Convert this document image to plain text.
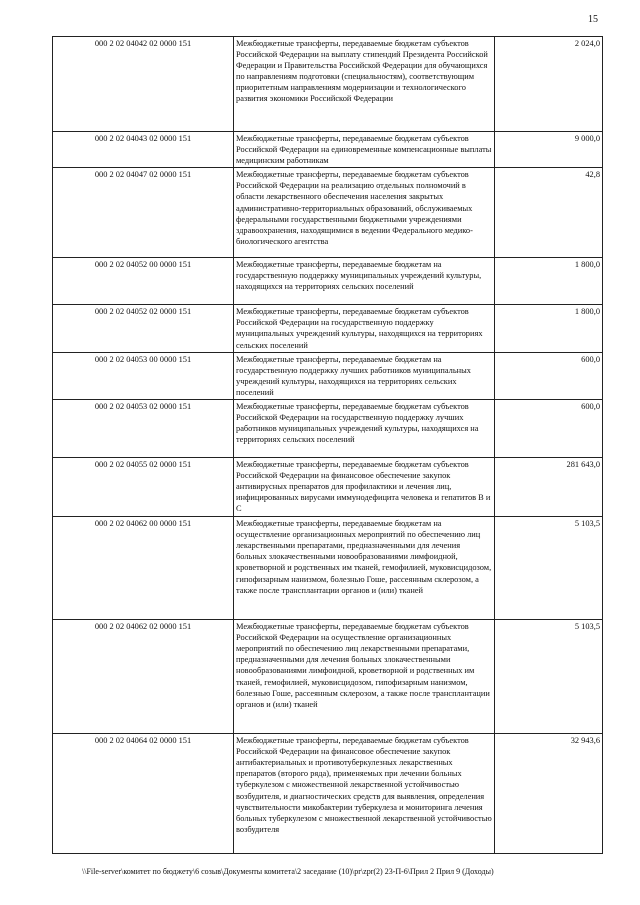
15
000 2 02 04042 02 0000 151	Межбюджетные трансферты, передаваемые бюджетам субъектов Российской Федерации на выплату стипендий Президента Российской Федерации и Правительства Российской Федерации для обучающихся по направлениям подготовки (специальностям), соответствующим приоритетным направлениям модернизации и технологического развития экономики Российской Федерации	2 024,0
000 2 02 04043 02 0000 151	Межбюджетные трансферты, передаваемые бюджетам субъектов Российской Федерации на единовременные компенсационные выплаты медицинским работникам	9 000,0
000 2 02 04047 02 0000 151	Межбюджетные трансферты, передаваемые бюджетам субъектов Российской Федерации на реализацию отдельных полномочий в области лекарственного обеспечения населения закрытых административно-территориальных образований, обслуживаемых федеральными государственными бюджетными учреждениями здравоохранения, находящимися в ведении Федерального медико-биологического агентства	42,8
000 2 02 04052 00 0000 151	Межбюджетные трансферты, передаваемые бюджетам на государственную поддержку муниципальных учреждений культуры, находящихся на территориях сельских поселений	1 800,0
000 2 02 04052 02 0000 151	Межбюджетные трансферты, передаваемые бюджетам субъектов Российской Федерации на государственную поддержку муниципальных учреждений культуры, находящихся на территориях сельских поселений	1 800,0
000 2 02 04053 00 0000 151	Межбюджетные трансферты, передаваемые бюджетам на государственную поддержку лучших работников муниципальных учреждений культуры, находящихся на территориях сельских поселений	600,0
000 2 02 04053 02 0000 151	Межбюджетные трансферты, передаваемые бюджетам субъектов Российской Федерации на государственную поддержку лучших работников муниципальных учреждений культуры, находящихся на территориях сельских поселений	600,0
000 2 02 04055 02 0000 151	Межбюджетные трансферты, передаваемые бюджетам субъектов Российской Федерации на финансовое обеспечение закупок антивирусных препаратов для профилактики и лечения лиц, инфицированных вирусами иммунодефицита человека и гепатитов В и С	281 643,0
000 2 02 04062 00 0000 151	Межбюджетные трансферты, передаваемые бюджетам на осуществление организационных мероприятий по обеспечению лиц лекарственными препаратами, предназначенными для лечения больных злокачественными новообразованиями лимфоидной, кроветворной и родственных им тканей, гемофилией, муковисцидозом, гипофизарным нанизмом, болезнью Гоше, рассеянным склерозом, а также после трансплантации органов и (или) тканей	5 103,5
000 2 02 04062 02 0000 151	Межбюджетные трансферты, передаваемые бюджетам субъектов Российской Федерации на осуществление организационных мероприятий по обеспечению лиц лекарственными препаратами, предназначенными для лечения больных злокачественными новообразованиями лимфоидной, кроветворной и родственных им тканей, гемофилией, муковисцидозом, гипофизарным нанизмом, болезнью Гоше, рассеянным склерозом, а также после трансплантации органов и (или) тканей	5 103,5
000 2 02 04064 02 0000 151	Межбюджетные трансферты, передаваемые бюджетам субъектов Российской Федерации на финансовое обеспечение закупок антибактериальных и противотуберкулезных лекарственных препаратов (второго ряда), применяемых при лечении больных туберкулезом с множественной лекарственной устойчивостью возбудителя, и диагностических средств для выявления, определения чувствительности микобактерии туберкулеза и мониторинга лечения больных туберкулезом с множественной лекарственной устойчивостью возбудителя	32 943,6
\\File-server\комитет по бюджету\6 созыв\Документы комитета\2 заседание (10)\pr\zpr(2) 23-П-6\Прил 2 Прил 9 (Доходы)
